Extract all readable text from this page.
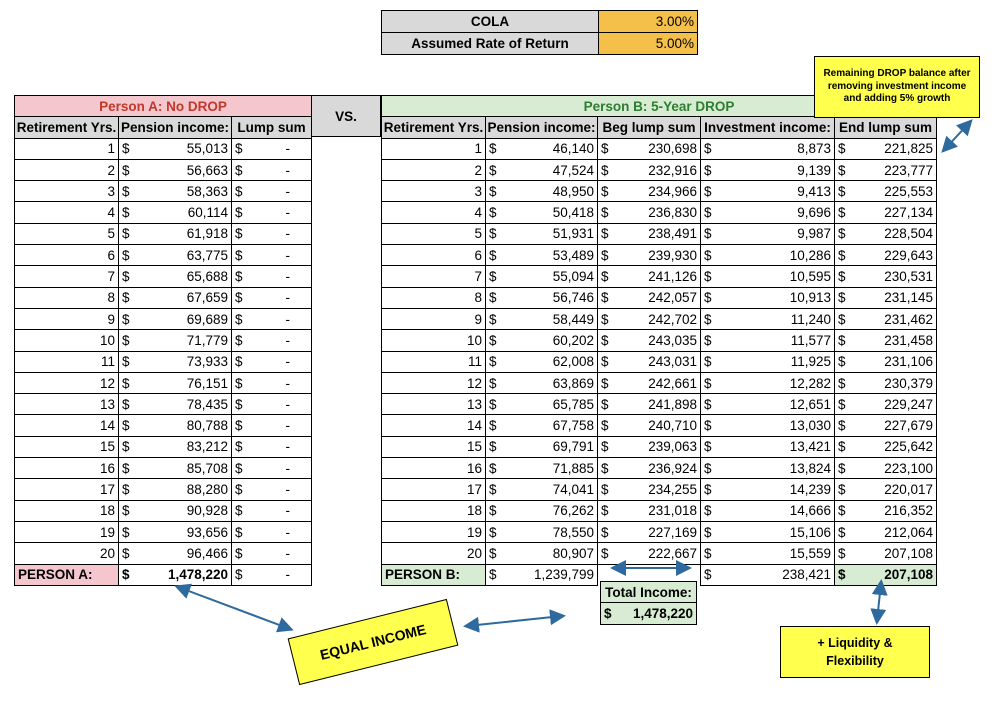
COLA	3.00%
Assumed Rate of Return	5.00%
VS.
Person A: No DROP		
Retirement Yrs.	Pension income:	Lump sum
1	$ 55,013	$ -

2	$ 56,663	$ -

3	$ 58,363	$ -

4	$ 60,114	$ -

5	$ 61,918	$ -

6	$ 63,775	$ -

7	$ 65,688	$ -

8	$ 67,659	$ -

9	$ 69,689	$ -

10	$ 71,779	$ -

11	$ 73,933	$ -

12	$ 76,151	$ -

13	$ 78,435	$ -

14	$ 80,788	$ -

15	$ 83,212	$ -

16	$ 85,708	$ -

17	$ 88,280	$ -

18	$ 90,928	$ -

19	$ 93,656	$ -

20	$ 96,466	$ -

PERSON A:	$ 1,478,220	$ -
Person B: 5-Year DROP				
Retirement Yrs.	Pension income:	Beg lump sum	Investment income:	End lump sum
1	$ 46,140	$ 230,698	$ 8,873	$ 221,825

2	$ 47,524	$ 232,916	$ 9,139	$ 223,777

3	$ 48,950	$ 234,966	$ 9,413	$ 225,553

4	$ 50,418	$ 236,830	$ 9,696	$ 227,134

5	$ 51,931	$ 238,491	$ 9,987	$ 228,504

6	$ 53,489	$ 239,930	$ 10,286	$ 229,643

7	$ 55,094	$ 241,126	$ 10,595	$ 230,531

8	$ 56,746	$ 242,057	$ 10,913	$ 231,145

9	$ 58,449	$ 242,702	$ 11,240	$ 231,462

10	$ 60,202	$ 243,035	$ 11,577	$ 231,458

11	$ 62,008	$ 243,031	$ 11,925	$ 231,106

12	$ 63,869	$ 242,661	$ 12,282	$ 230,379

13	$ 65,785	$ 241,898	$ 12,651	$ 229,247

14	$ 67,758	$ 240,710	$ 13,030	$ 227,679

15	$ 69,791	$ 239,063	$ 13,421	$ 225,642

16	$ 71,885	$ 236,924	$ 13,824	$ 223,100

17	$ 74,041	$ 234,255	$ 14,239	$ 220,017

18	$ 76,262	$ 231,018	$ 14,666	$ 216,352

19	$ 78,550	$ 227,169	$ 15,106	$ 212,064

20	$ 80,907	$ 222,667	$ 15,559	$ 207,108

PERSON B:	$ 1,239,799		$ 238,421	$ 207,108
Total Income:

$ 1,478,220
Remaining DROP balance after removing investment income and adding 5% growth
EQUAL INCOME	+ Liquidity & Flexibility
